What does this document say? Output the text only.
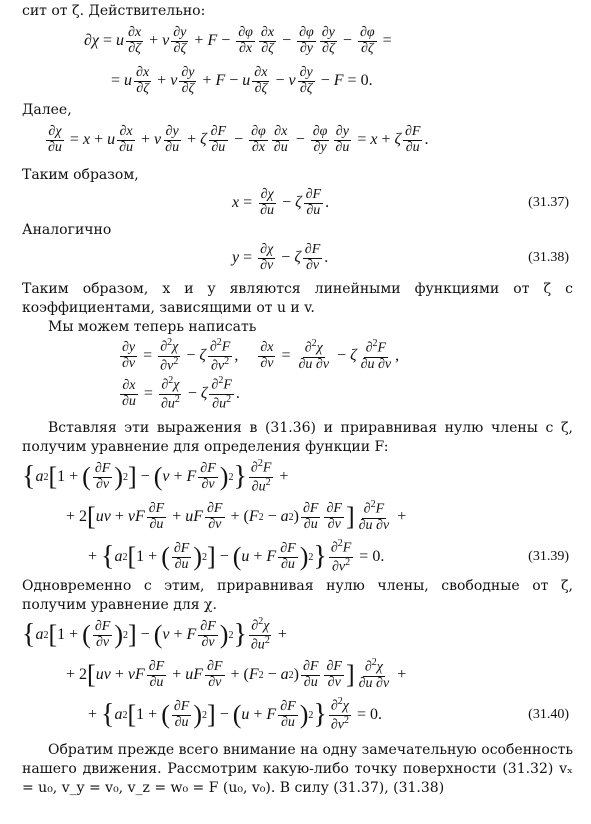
сит от ζ. Действительно:

∂χ = u $\frac{\partial x}{\partial\zeta} + v \frac{\partial y}{\partial\zeta} + F - \frac{\partial\varphi}{\partial x} \frac{\partial x}{\partial\zeta} - \frac{\partial\varphi}{\partial y} \frac{\partial y}{\partial\zeta} - \frac{\partial\varphi}{\partial\zeta}$ =
= u $\frac{\partial x}{\partial\zeta} + v \frac{\partial y}{\partial\zeta} + F - u \frac{\partial x}{\partial\zeta} - v \frac{\partial y}{\partial\zeta} - F = 0$.

Далее,

$\frac{\partial\chi}{\partial u} = x + u \frac{\partial x}{\partial u} + v \frac{\partial y}{\partial u} + \zeta \frac{\partial F}{\partial u} - \frac{\partial\varphi}{\partial x} \frac{\partial x}{\partial u} - \frac{\partial\varphi}{\partial y} \frac{\partial y}{\partial u} = x + \zeta \frac{\partial F}{\partial u}$ .

Таким образом,

$x = \frac{\partial\chi}{\partial u} - \zeta \frac{\partial F}{\partial u}$ .	(31.37)

Аналогично

$y = \frac{\partial\chi}{\partial v} - \zeta \frac{\partial F}{\partial v}$ .	(31.38)

Таким образом, x и y являются линейными функциями от ζ с коэффициентами, зависящими от u и v.

Мы можем теперь написать

$\frac{\partial y}{\partial v} = \frac{\partial^2\chi}{\partial v^2} - \zeta \frac{\partial^2F}{\partial v^2}$ , $\frac{\partial x}{\partial v} = \frac{\partial^2\chi}{\partial u \partial v} - \zeta \frac{\partial^2F}{\partial u \partial v}$ ,
$\frac{\partial x}{\partial u} = \frac{\partial^2\chi}{\partial u^2} - \zeta \frac{\partial^2F}{\partial u^2}$ .

Вставляя эти выражения в (31.36) и приравнивая нулю члены с ζ, получим уравнение для определения функции F:

{ a 2 [ 1 + ( $\frac{\partial F}{\partial v}$ ) 2 ] − ( v + F $\frac{\partial F}{\partial v}$ ) 2 } $\frac{\partial^2F}{\partial u^2}$ +
+ 2 [ uv + vF $\frac{\partial F}{\partial u}$ + uF $\frac{\partial F}{\partial v}$ + ( F 2 − a 2 ) $\frac{\partial F}{\partial u} \frac{\partial F}{\partial v}$ ] $\frac{\partial^2F}{\partial u \partial v}$ +
+ { a 2 [ 1 + ( $\frac{\partial F}{\partial u}$ ) 2 ] − ( u + F $\frac{\partial F}{\partial u}$ ) 2 } $\frac{\partial^2F}{\partial v^2} = 0$.	(31.39)

Одновременно с этим, приравнивая нулю члены, свободные от ζ, получим уравнение для χ.

{ a 2 [ 1 + ( $\frac{\partial F}{\partial v}$ ) 2 ] − ( v + F $\frac{\partial F}{\partial v}$ ) 2 } $\frac{\partial^2\chi}{\partial u^2}$ +
+ 2 [ uv + vF $\frac{\partial F}{\partial u}$ + uF $\frac{\partial F}{\partial v}$ + ( F 2 − a 2 ) $\frac{\partial F}{\partial u} \frac{\partial F}{\partial v}$ ] $\frac{\partial^2\chi}{\partial u \partial v}$ +
+ { a 2 [ 1 + ( $\frac{\partial F}{\partial u}$ ) 2 ] − ( u + F $\frac{\partial F}{\partial u}$ ) 2 } $\frac{\partial^2\chi}{\partial v^2} = 0$.	(31.40)

Обратим прежде всего внимание на одну замечательную особенность нашего движения. Рассмотрим какую-либо точку поверхности (31.32) vₓ = u₀, v_y = v₀, v_z = w₀ = F (u₀, v₀). В силу (31.37), (31.38)
